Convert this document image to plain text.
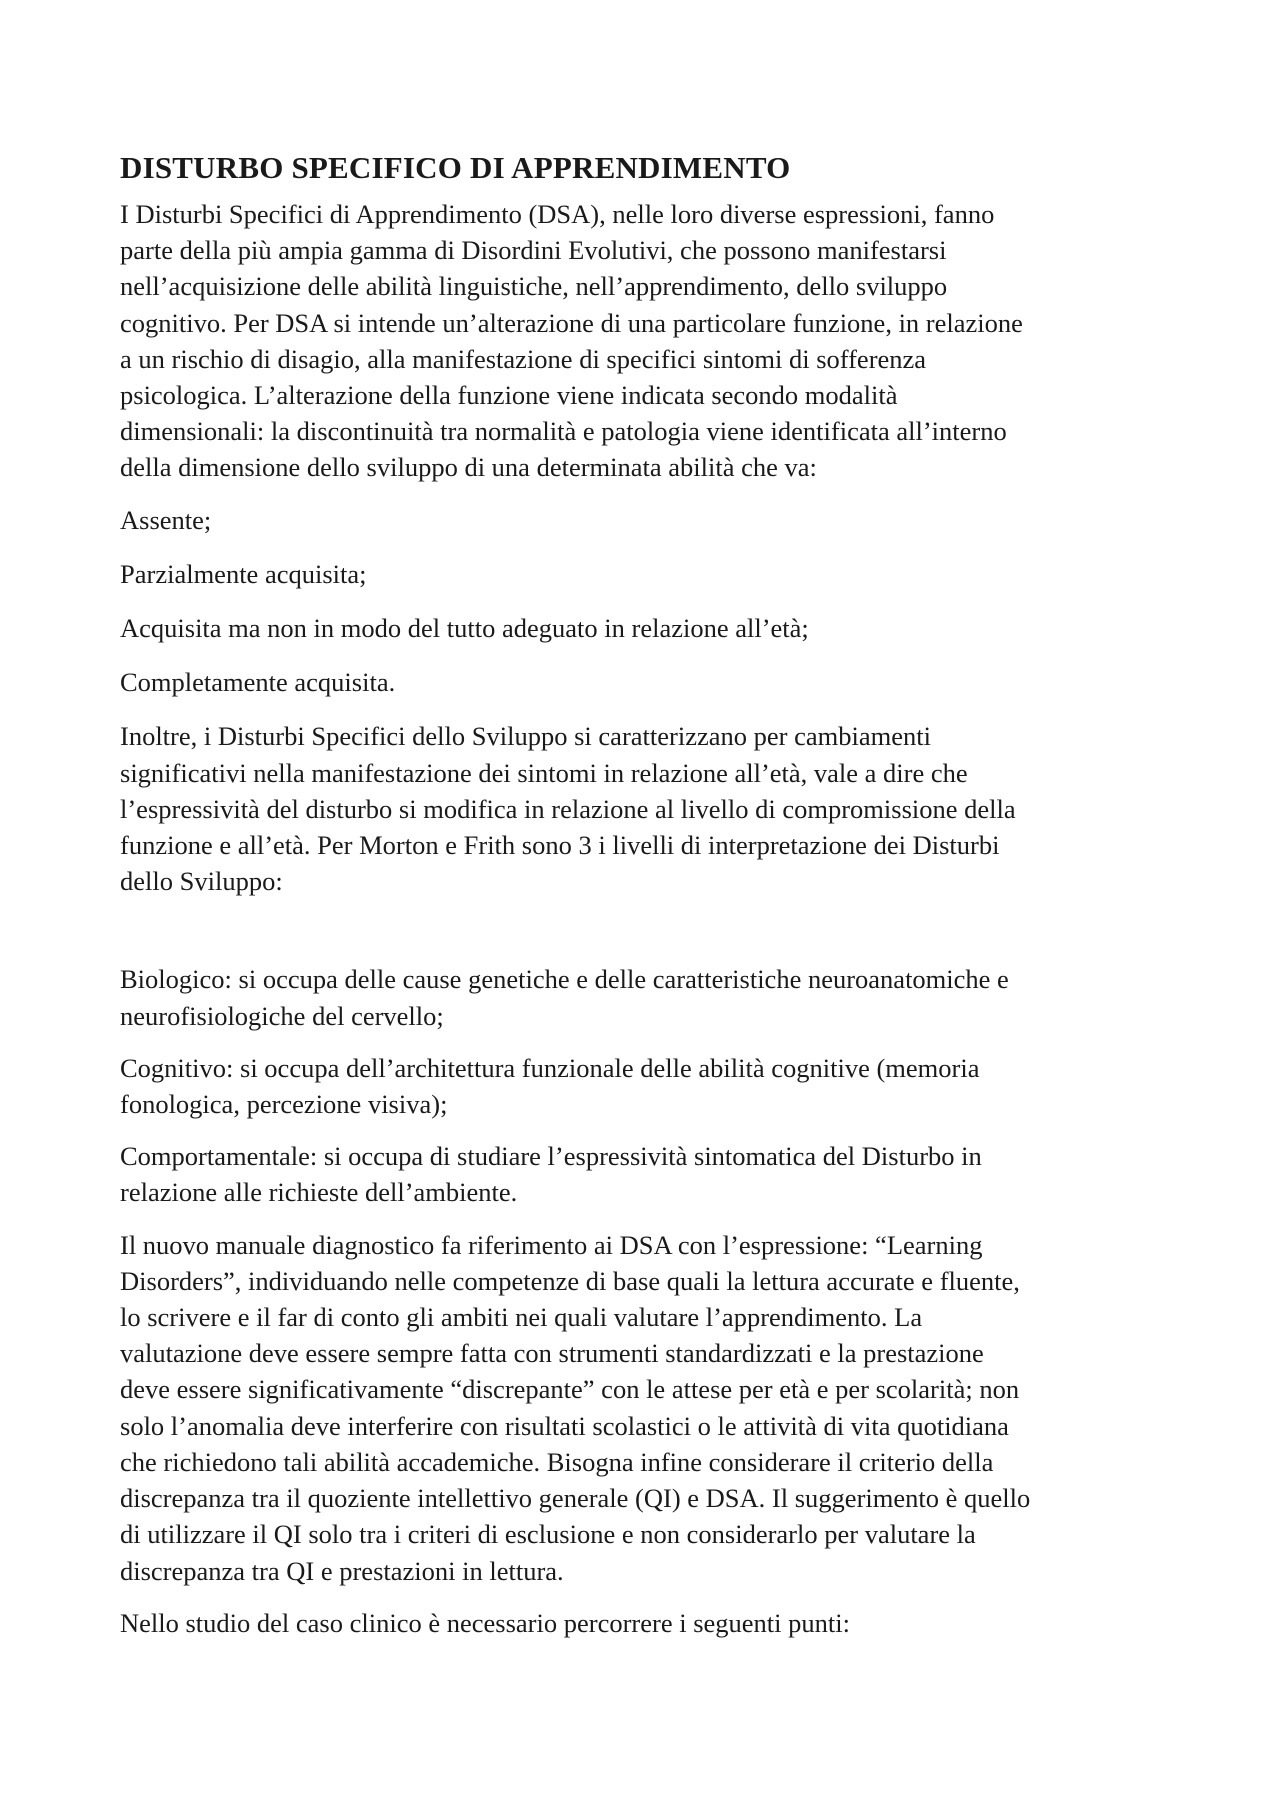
DISTURBO SPECIFICO DI APPRENDIMENTO

I Disturbi Specifici di Apprendimento (DSA), nelle loro diverse espressioni, fanno
parte della più ampia gamma di Disordini Evolutivi, che possono manifestarsi
nell’acquisizione delle abilità linguistiche, nell’apprendimento, dello sviluppo
cognitivo. Per DSA si intende un’alterazione di una particolare funzione, in relazione
a un rischio di disagio, alla manifestazione di specifici sintomi di sofferenza
psicologica. L’alterazione della funzione viene indicata secondo modalità
dimensionali: la discontinuità tra normalità e patologia viene identificata all’interno
della dimensione dello sviluppo di una determinata abilità che va:

Assente;

Parzialmente acquisita;

Acquisita ma non in modo del tutto adeguato in relazione all’età;

Completamente acquisita.

Inoltre, i Disturbi Specifici dello Sviluppo si caratterizzano per cambiamenti
significativi nella manifestazione dei sintomi in relazione all’età, vale a dire che
l’espressività del disturbo si modifica in relazione al livello di compromissione della
funzione e all’età. Per Morton e Frith sono 3 i livelli di interpretazione dei Disturbi
dello Sviluppo:

Biologico: si occupa delle cause genetiche e delle caratteristiche neuroanatomiche e
neurofisiologiche del cervello;

Cognitivo: si occupa dell’architettura funzionale delle abilità cognitive (memoria
fonologica, percezione visiva);

Comportamentale: si occupa di studiare l’espressività sintomatica del Disturbo in
relazione alle richieste dell’ambiente.

Il nuovo manuale diagnostico fa riferimento ai DSA con l’espressione: “Learning
Disorders”, individuando nelle competenze di base quali la lettura accurate e fluente,
lo scrivere e il far di conto gli ambiti nei quali valutare l’apprendimento. La
valutazione deve essere sempre fatta con strumenti standardizzati e la prestazione
deve essere significativamente “discrepante” con le attese per età e per scolarità; non
solo l’anomalia deve interferire con risultati scolastici o le attività di vita quotidiana
che richiedono tali abilità accademiche. Bisogna infine considerare il criterio della
discrepanza tra il quoziente intellettivo generale (QI) e DSA. Il suggerimento è quello
di utilizzare il QI solo tra i criteri di esclusione e non considerarlo per valutare la
discrepanza tra QI e prestazioni in lettura.

Nello studio del caso clinico è necessario percorrere i seguenti punti:
